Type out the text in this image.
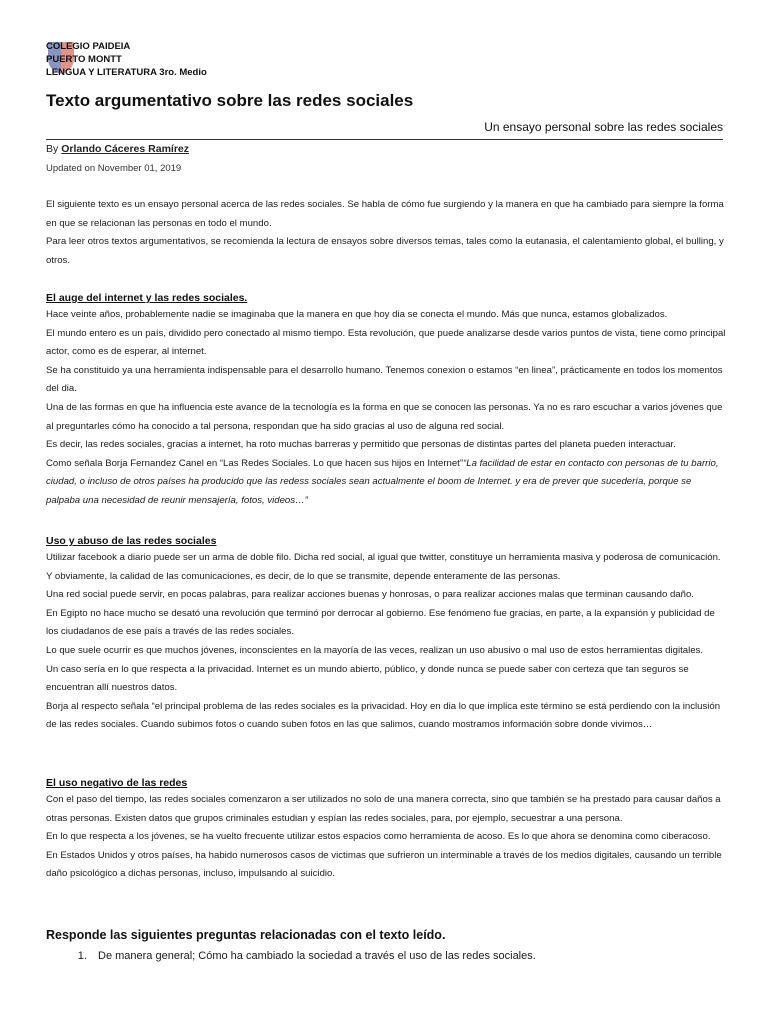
COLEGIO PAIDEIA
PUERTO MONTT
LENGUA Y LITERATURA 3ro. Medio
Texto argumentativo sobre las redes sociales
Un ensayo personal sobre las redes sociales
By Orlando Cáceres Ramírez
Updated on November 01, 2019

El siguiente texto es un ensayo personal acerca de las redes sociales. Se habla de cómo fue surgiendo y la manera en que ha cambiado para siempre la forma en que se relacionan las personas en todo el mundo.

Para leer otros textos argumentativos, se recomienda la lectura de ensayos sobre diversos temas, tales como la eutanasia, el calentamiento global, el bulling, y otros.

El auge del internet y las redes sociales.

Hace veinte años, probablemente nadie se imaginaba que la manera en que hoy dia se conecta el mundo. Más que nunca, estamos globalizados.

El mundo entero es un país, dividido pero conectado al mismo tiempo. Esta revolución, que puede analizarse desde varios puntos de vista, tiene como principal actor, como es de esperar, al internet.

Se ha constituido ya una herramienta indispensable para el desarrollo humano. Tenemos conexion o estamos “en linea”, prácticamente en todos los momentos del dia.

Una de las formas en que ha influencia este avance de la tecnología es la forma en que se conocen las personas. Ya no es raro escuchar a varios jóvenes que al preguntarles cómo ha conocido a tal persona, respondan que ha sido gracias al uso de alguna red social.

Es decir, las redes sociales, gracias a internet, ha roto muchas barreras y permitido que personas de distintas partes del planeta pueden interactuar.

Como señala Borja Fernandez Canel en “Las Redes Sociales. Lo que hacen sus hijos en Internet”“La facilidad de estar en contacto con personas de tu barrio, ciudad, o incluso de otros países ha producido que las redess sociales sean actualmente el boom de Internet. y era de prever que sucedería, porque se palpaba una necesidad de reunir mensajería, fotos, videos…”

Uso y abuso de las redes sociales

Utilizar facebook a diario puede ser un arma de doble filo. Dicha red social, al igual que twitter, constituye un herramienta masiva y poderosa de comunicación.

Y obviamente, la calidad de las comunicaciones, es decir, de lo que se transmite, depende enteramente de las personas.

Una red social puede servir, en pocas palabras, para realizar acciones buenas y honrosas, o para realizar acciones malas que terminan causando daño.

En Egipto no hace mucho se desató una revolución que terminó por derrocar al gobierno. Ese fenómeno fue gracias, en parte, a la expansión y publicidad de los ciudadanos de ese país a través de las redes sociales.

Lo que suele ocurrir es que muchos jóvenes, inconscientes en la mayoría de las veces, realizan un uso abusivo o mal uso de estos herramientas digitales.

Un caso sería en lo que respecta a la privacidad. Internet es un mundo abierto, público, y donde nunca se puede saber con certeza que tan seguros se encuentran allí nuestros datos.

Borja al respecto señala “el principal problema de las redes sociales es la privacidad. Hoy en dia lo que implica este término se está perdiendo con la inclusión de las redes sociales. Cuando subimos fotos o cuando suben fotos en las que salimos, cuando mostramos información sobre donde vivimos…

El uso negativo de las redes

Con el paso del tiempo, las redes sociales comenzaron a ser utilizados no solo de una manera correcta, sino que también se ha prestado para causar daños a otras personas. Existen datos que grupos criminales estudian y espían las redes sociales, para, por ejemplo, secuestrar a una persona.

En lo que respecta a los jóvenes, se ha vuelto frecuente utilizar estos espacios como herramienta de acoso. Es lo que ahora se denomina como ciberacoso.

En Estados Unidos y otros países, ha habido numerosos casos de victimas que sufrieron un interminable a través de los medios digitales, causando un terrible daño psicológico a dichas personas, incluso, impulsando al suicidio.

Responde las siguientes preguntas relacionadas con el texto leído.
1. De manera general; Cómo ha cambiado la sociedad a través el uso de las redes sociales.
